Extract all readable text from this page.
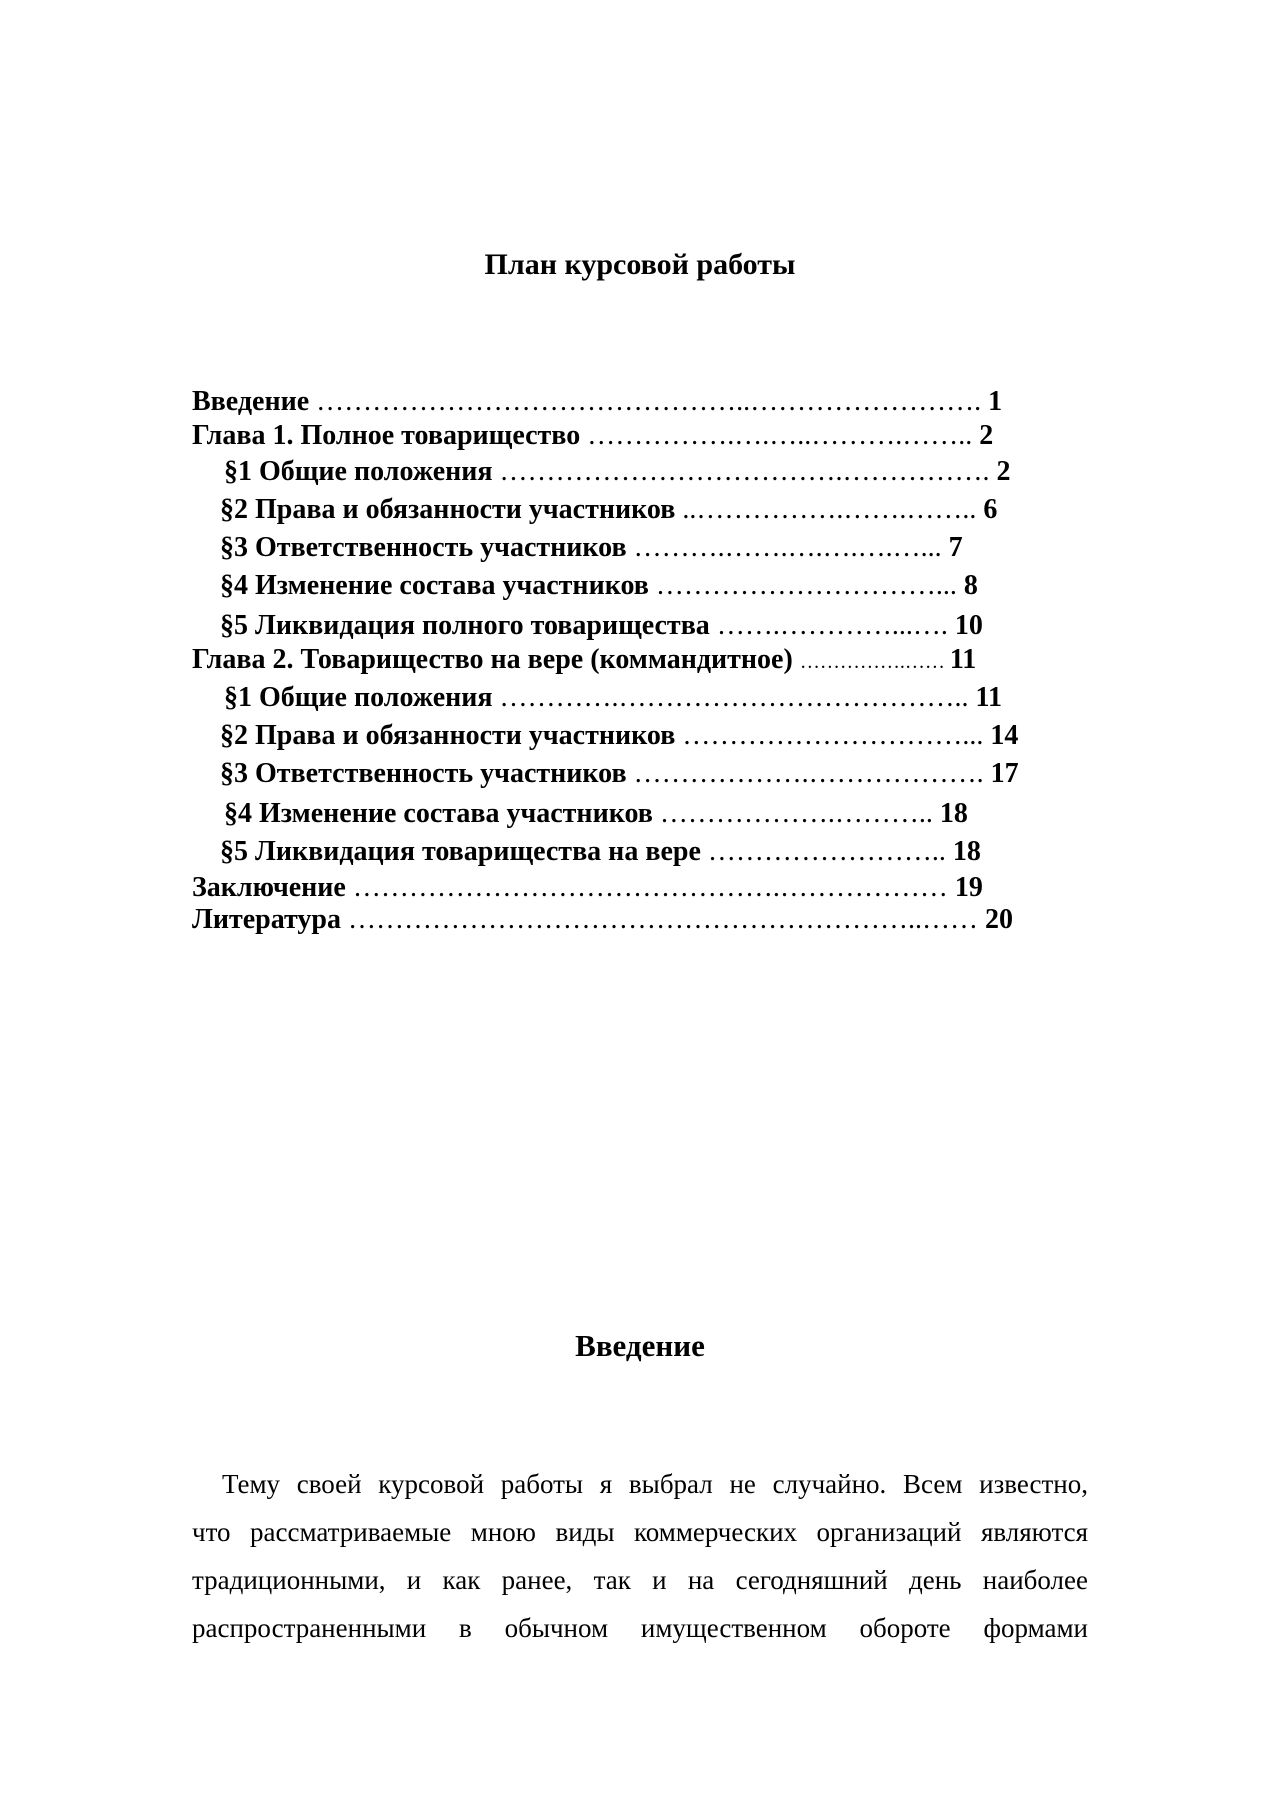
План курсовой работы
Введение ………………………………………..……………………. 1
Глава 1. Полное товарищество …………….….…..……….…….. 2
§1 Общие положения ……………………………….……………. 2
§2 Права и обязанности участников ..…………….…….…….. 6
§3 Ответственность участников ……….…….….….….…... 7
§4 Изменение состава участников …………………………... 8
§5 Ликвидация полного товарищества …….…………...…. 10
Глава 2. Товарищество на вере (коммандитное) …………….…… 11
§1 Общие положения ………….……………………………….. 11
§2 Права и обязанности участников …………………………... 14
§3 Ответственность участников ……………….………………. 17
§4 Изменение состава участников ……………….……….. 18
§5 Ликвидация товарищества на вере …………………….. 18
Заключение ……………………………………….……………… 19
Литература ……………………………………………………..…… 20
Введение
Тему своей курсовой работы я выбрал не случайно. Всем известно,
что рассматриваемые мною виды коммерческих организаций являются
традиционными, и как ранее, так и на сегодняшний день наиболее
распространенными в обычном имущественном обороте формами
